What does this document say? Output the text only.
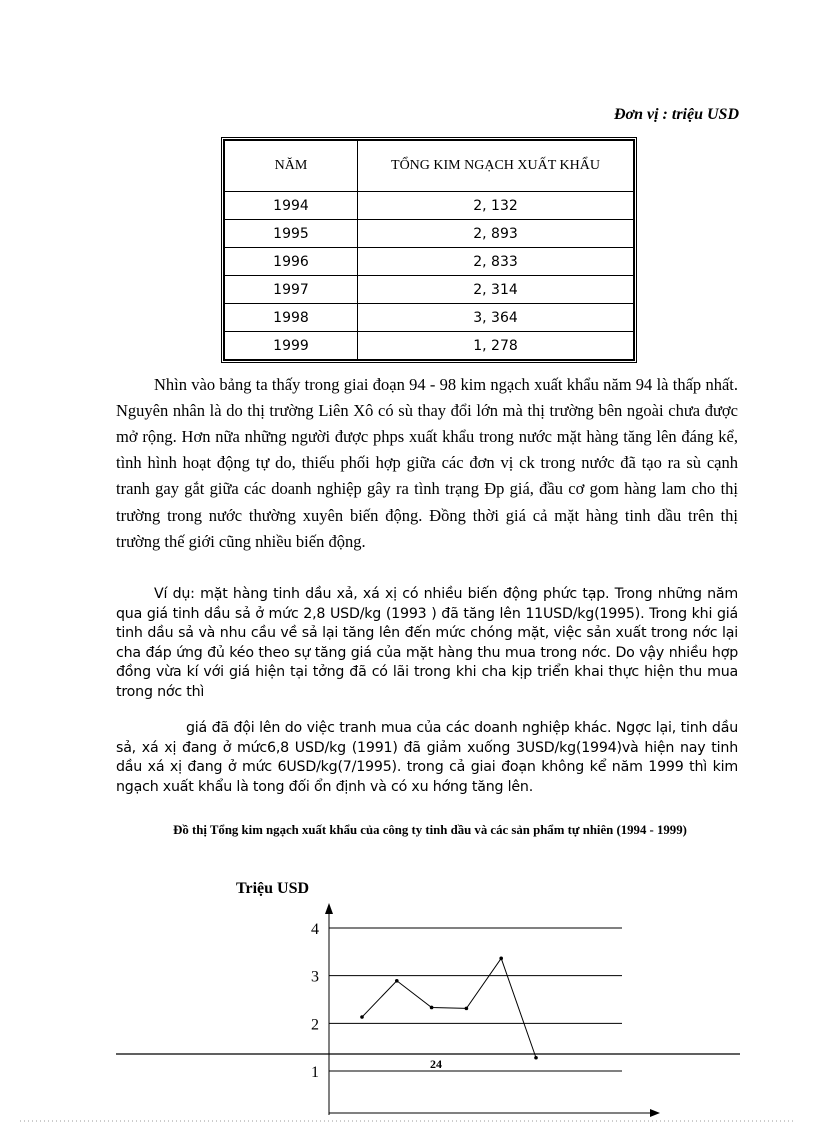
Đơn vị : triệu USD
NĂM	TỔNG KIM NGẠCH XUẤT KHẨU
1994	2, 132
1995	2, 893
1996	2, 833
1997	2, 314
1998	3, 364
1999	1, 278

Nhìn vào bảng ta thấy trong giai đoạn 94 - 98 kim ngạch xuất khẩu năm 94 là thấp nhất. Nguyên nhân là do thị trường Liên Xô có sù thay đổi lớn mà thị trường bên ngoài chưa được mở rộng. Hơn nữa những người được phps xuất khẩu trong nước mặt hàng tăng lên đáng kể, tình hình hoạt động tự do, thiếu phối hợp giữa các đơn vị ck trong nước đã tạo ra sù cạnh tranh gay gắt giữa các doanh nghiệp gây ra tình trạng Đp giá, đầu cơ gom hàng lam cho thị trường trong nước thường xuyên biến động. Đồng thời giá cả mặt hàng tinh dầu trên thị trường thế giới cũng nhiều biến động.

Ví dụ: mặt hàng tinh dầu xả, xá xị có nhiều biến động phức tạp. Trong những năm qua giá tinh dầu sả ở mức 2,8 USD/kg (1993 ) đã tăng lên 11USD/kg(1995). Trong khi giá tinh dầu sả và nhu cầu về sả lại tăng lên đến mức chóng mặt, việc sản xuất trong nớc lại cha đáp ứng đủ kéo theo sự tăng giá của mặt hàng thu mua trong nớc. Do vậy nhiều hợp đồng vừa kí với giá hiện tại tởng đã có lãi trong khi cha kịp triển khai thực hiện thu mua trong nớc thì

giá đã đội lên do việc tranh mua của các doanh nghiệp khác. Ngợc lại, tinh dầu sả, xá xị đang ở mức6,8 USD/kg (1991) đã giảm xuống 3USD/kg(1994)và hiện nay tinh dầu xá xị đang ở mức 6USD/kg(7/1995). trong cả giai đoạn không kể năm 1999 thì kim ngạch xuất khẩu là tong đối ổn định và có xu hớng tăng lên.

Đồ thị Tổng kim ngạch xuất khẩu của công ty tinh dầu và các sản phẩm tự nhiên (1994 - 1999)
Triệu USD
1
2
3
4
24
